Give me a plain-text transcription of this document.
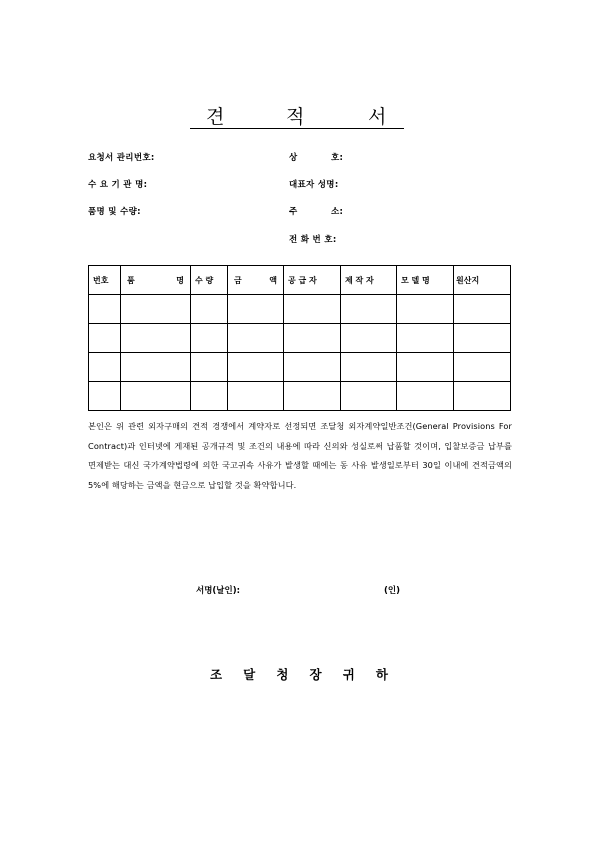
견	적	서
요청서 관리번호:
수 요 기 관 명:
품명 및 수량:
상	호:
대표자 성명:
주	소:
전 화 번 호:
번호	품 명	수 량	금 액	공 급 자	제 작 자	모 델 명	원산지

본인은 위 관련 외자구매의 견적 경쟁에서 계약자로 선정되면 조달청 외자계약일반조건(General Provisions For Contract)과 인터넷에 게재된 공개규격 및 조건의 내용에 따라 신의와 성실로써 납품할 것이며, 입찰보증금 납부를 면제받는 대신 국가계약법령에 의한 국고귀속 사유가 발생할 때에는 동 사유 발생일로부터 30일 이내에 견적금액의 5%에 해당하는 금액을 현금으로 납입할 것을 확약합니다.
서명(날인):	(인)
조 달 청 장 귀 하
